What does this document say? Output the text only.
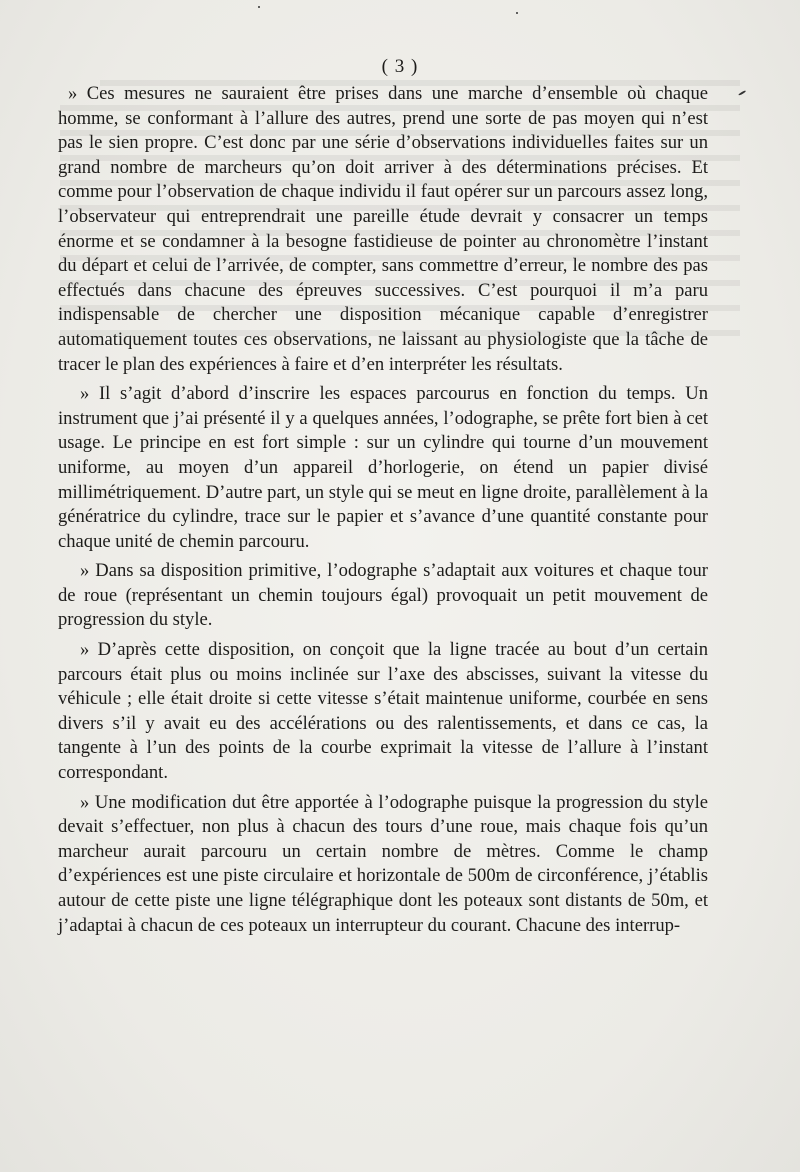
( 3 )

» Ces mesures ne sauraient être prises dans une marche d’ensemble où chaque homme, se conformant à l’allure des autres, prend une sorte de pas moyen qui n’est pas le sien propre. C’est donc par une série d’observations individuelles faites sur un grand nombre de marcheurs qu’on doit arriver à des déterminations précises. Et comme pour l’observation de chaque individu il faut opérer sur un parcours assez long, l’observateur qui entreprendrait une pareille étude devrait y consacrer un temps énorme et se condamner à la besogne fastidieuse de pointer au chronomètre l’instant du départ et celui de l’arrivée, de compter, sans commettre d’erreur, le nombre des pas effectués dans chacune des épreuves successives. C’est pourquoi il m’a paru indispensable de chercher une disposition mécanique capable d’enregistrer automatiquement toutes ces observations, ne laissant au physiologiste que la tâche de tracer le plan des expériences à faire et d’en interpréter les résultats.

» Il s’agit d’abord d’inscrire les espaces parcourus en fonction du temps. Un instrument que j’ai présenté il y a quelques années, l’odographe, se prête fort bien à cet usage. Le principe en est fort simple : sur un cylindre qui tourne d’un mouvement uniforme, au moyen d’un appareil d’horlogerie, on étend un papier divisé millimétriquement. D’autre part, un style qui se meut en ligne droite, parallèlement à la génératrice du cylindre, trace sur le papier et s’avance d’une quantité constante pour chaque unité de chemin parcouru.

» Dans sa disposition primitive, l’odographe s’adaptait aux voitures et chaque tour de roue (représentant un chemin toujours égal) provoquait un petit mouvement de progression du style.

» D’après cette disposition, on conçoit que la ligne tracée au bout d’un certain parcours était plus ou moins inclinée sur l’axe des abscisses, suivant la vitesse du véhicule ; elle était droite si cette vitesse s’était maintenue uniforme, courbée en sens divers s’il y avait eu des accélérations ou des ralentissements, et dans ce cas, la tangente à l’un des points de la courbe exprimait la vitesse de l’allure à l’instant correspondant.

» Une modification dut être apportée à l’odographe puisque la progression du style devait s’effectuer, non plus à chacun des tours d’une roue, mais chaque fois qu’un marcheur aurait parcouru un certain nombre de mètres. Comme le champ d’expériences est une piste circulaire et horizontale de 500m de circonférence, j’établis autour de cette piste une ligne télégraphique dont les poteaux sont distants de 50m, et j’adaptai à chacun de ces poteaux un interrupteur du courant. Chacune des interrup-
